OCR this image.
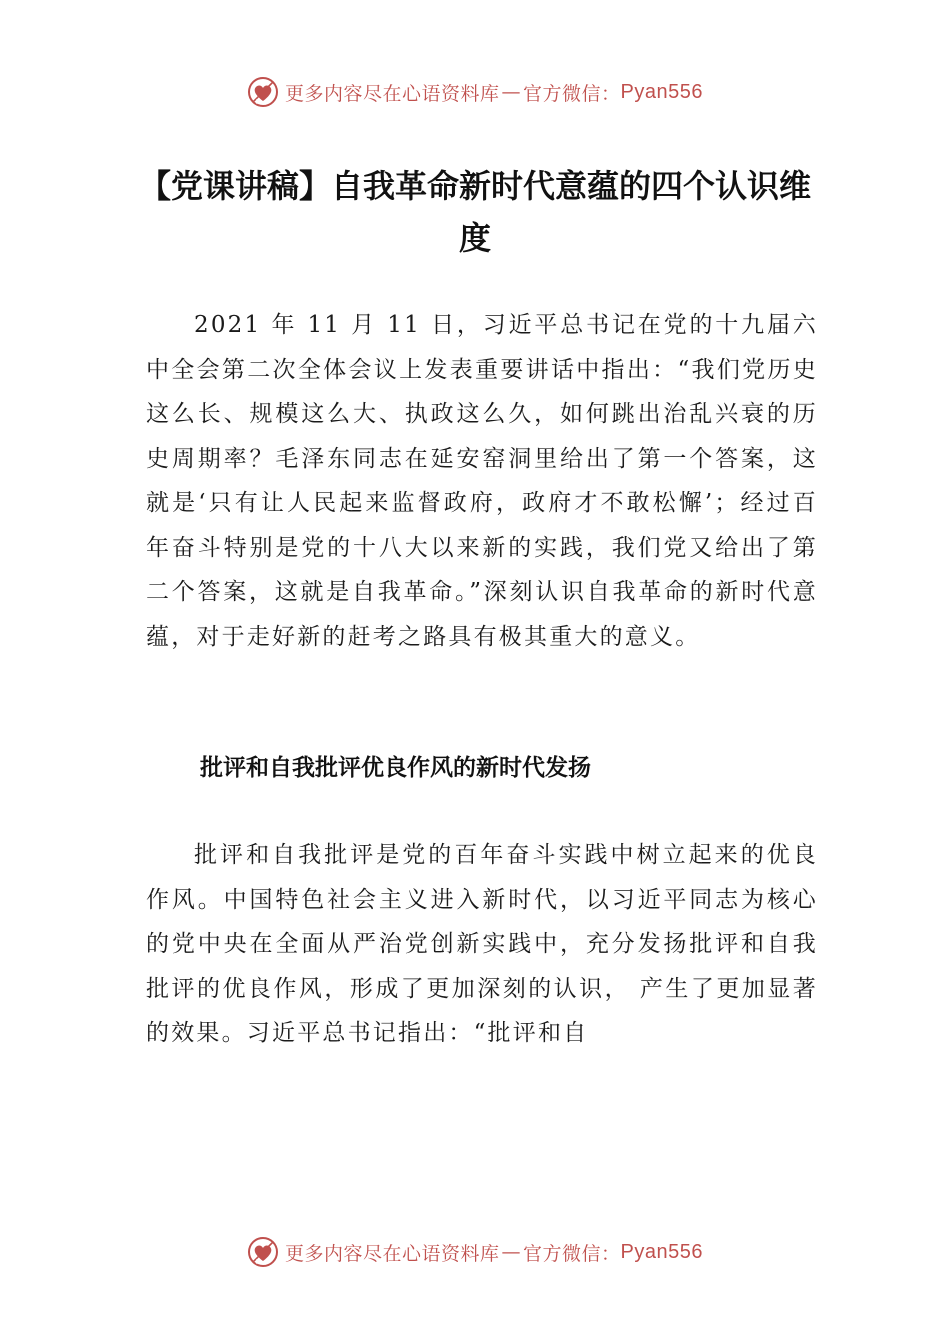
更多内容尽在心语资料库 — 官方微信： Pyan556
【党课讲稿】自我革命新时代意蕴的四个认识维度

2021 年 11 月 11 日，习近平总书记在党的十九届六中全会第二次全体会议上发表重要讲话中指出：“我们党历史这么长、规模这么大、执政这么久，如何跳出治乱兴衰的历史周期率？毛泽东同志在延安窑洞里给出了第一个答案，这就是‘只有让人民起来监督政府，政府才不敢松懈’；经过百年奋斗特别是党的十八大以来新的实践，我们党又给出了第二个答案，这就是自我革命。”深刻认识自我革命的新时代意蕴，对于走好新的赶考之路具有极其重大的意义。

批评和自我批评优良作风的新时代发扬

批评和自我批评是党的百年奋斗实践中树立起来的优良作风。中国特色社会主义进入新时代，以习近平同志为核心的党中央在全面从严治党创新实践中，充分发扬批评和自我批评的优良作风，形成了更加深刻的认识， 产生了更加显著的效果。习近平总书记指出：“批评和自

更多内容尽在心语资料库 — 官方微信： Pyan556
